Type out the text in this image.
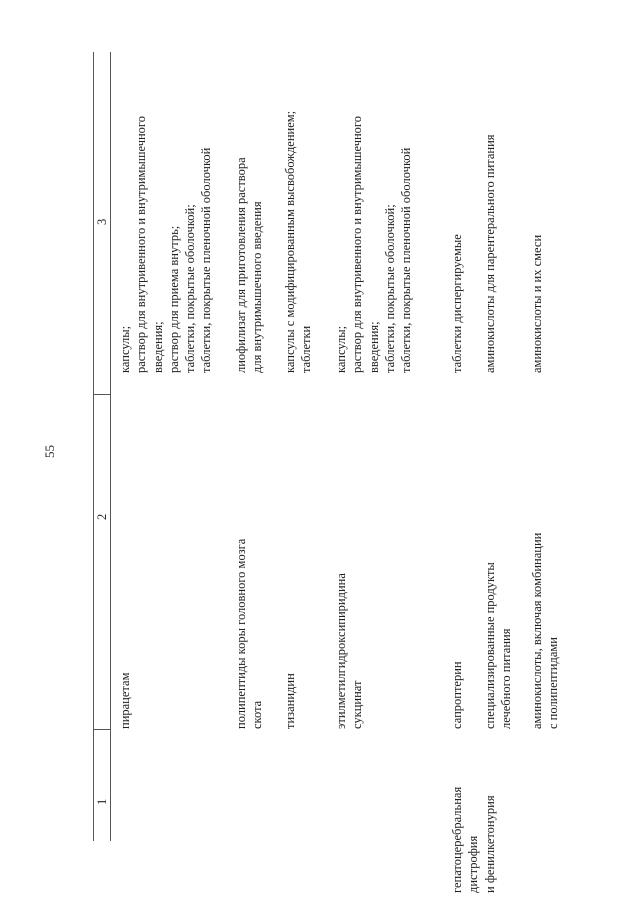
55
1
2
3
пирацетам
капсулы; раствор для внутривенного и внутримышечного введения; раствор для приема внутрь; таблетки, покрытые оболочкой; таблетки, покрытые пленочной оболочкой
полипептиды коры головного мозга скота
лиофилизат для приготовления раствора для внутримышечного введения
тизанидин
капсулы с модифицированным высвобождением; таблетки
этилметилгидроксипиридина сукцинат
капсулы; раствор для внутривенного и внутримышечного введения; таблетки, покрытые оболочкой; таблетки, покрытые пленочной оболочкой
гепатоцеребральная дистрофия и фенилкетонурия
сапроптерин
таблетки диспергируемые
специализированные продукты лечебного питания
аминокислоты для парентерального питания
аминокислоты, включая комбинации с полипептидами
аминокислоты и их смеси
